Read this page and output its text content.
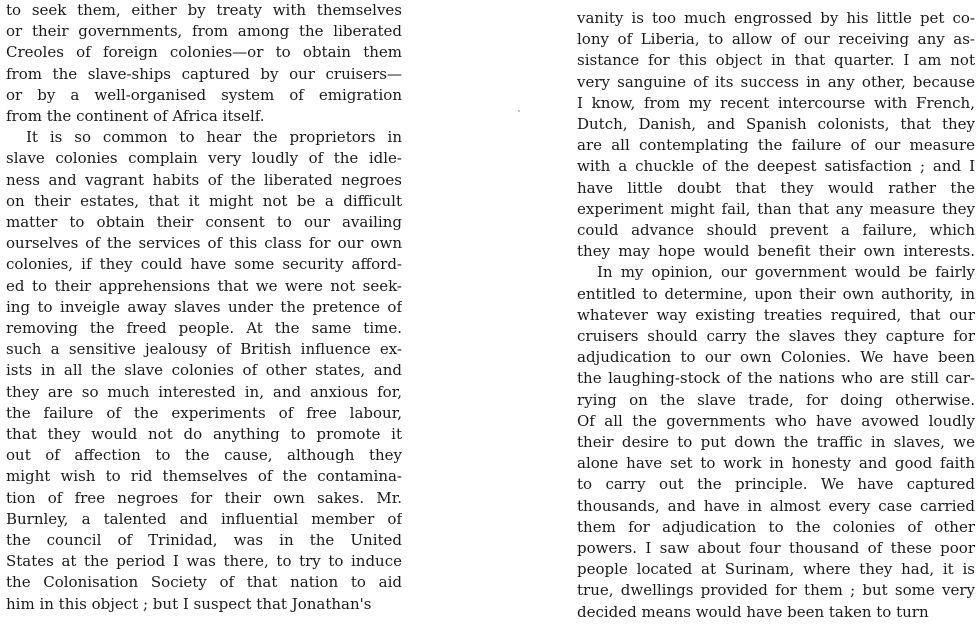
to seek them, either by treaty with themselves
or their governments, from among the liberated
Creoles of foreign colonies—or to obtain them
from the slave-ships captured by our cruisers—
or by a well-organised system of emigration
from the continent of Africa itself.
It is so common to hear the proprietors in
slave colonies complain very loudly of the idle-
ness and vagrant habits of the liberated negroes
on their estates, that it might not be a difficult
matter to obtain their consent to our availing
ourselves of the services of this class for our own
colonies, if they could have some security afford-
ed to their apprehensions that we were not seek-
ing to inveigle away slaves under the pretence of
removing the freed people. At the same time.
such a sensitive jealousy of British influence ex-
ists in all the slave colonies of other states, and
they are so much interested in, and anxious for,
the failure of the experiments of free labour,
that they would not do anything to promote it
out of affection to the cause, although they
might wish to rid themselves of the contamina-
tion of free negroes for their own sakes. Mr.
Burnley, a talented and influential member of
the council of Trinidad, was in the United
States at the period I was there, to try to induce
the Colonisation Society of that nation to aid
him in this object ; but I suspect that Jonathan's
vanity is too much engrossed by his little pet co-
lony of Liberia, to allow of our receiving any as-
sistance for this object in that quarter. I am not
very sanguine of its success in any other, because
I know, from my recent intercourse with French,
Dutch, Danish, and Spanish colonists, that they
are all contemplating the failure of our measure
with a chuckle of the deepest satisfaction ; and I
have little doubt that they would rather the
experiment might fail, than that any measure they
could advance should prevent a failure, which
they may hope would benefit their own interests.
In my opinion, our government would be fairly
entitled to determine, upon their own authority, in
whatever way existing treaties required, that our
cruisers should carry the slaves they capture for
adjudication to our own Colonies. We have been
the laughing-stock of the nations who are still car-
rying on the slave trade, for doing otherwise.
Of all the governments who have avowed loudly
their desire to put down the traffic in slaves, we
alone have set to work in honesty and good faith
to carry out the principle. We have captured
thousands, and have in almost every case carried
them for adjudication to the colonies of other
powers. I saw about four thousand of these poor
people located at Surinam, where they had, it is
true, dwellings provided for them ; but some very
decided means would have been taken to turn
